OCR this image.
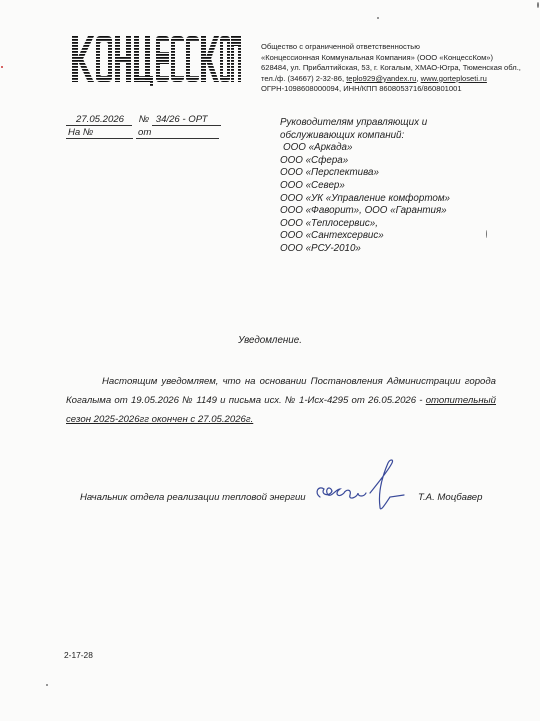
Общество с ограниченной ответственностью
«Концессионная Коммунальная Компания» (ООО «КонцессКом»)
628484, ул. Прибалтийская, 53, г. Когалым, ХМАО-Югра, Тюменская обл.,
тел./ф. (34667) 2-32-86, teplo929@yandex.ru, www.gorteploseti.ru
ОГРН-1098608000094, ИНН/КПП 8608053716/860801001
27.05.2026 № 34/26 - ОРТ
На №	от
Руководителям управляющих и
обслуживающих компаний:
ООО «Аркада»
ООО «Сфера»
ООО «Перспектива»
ООО «Север»
ООО «УК «Управление комфортом»
ООО «Фаворит», ООО «Гарантия»
ООО «Теплосервис»,
ООО «Сантехсервис»
ООО «РСУ-2010»
Уведомление.
Настоящим уведомляем, что на основании Постановления Администрации города Когалыма от 19.05.2026 № 1149 и письма исх. № 1-Исх-4295 от 26.05.2026 - отопительный сезон 2025-2026гг окончен с 27.05.2026г.
Начальник отдела реализации тепловой энергии	Т.А. Моцбавер
2-17-28
